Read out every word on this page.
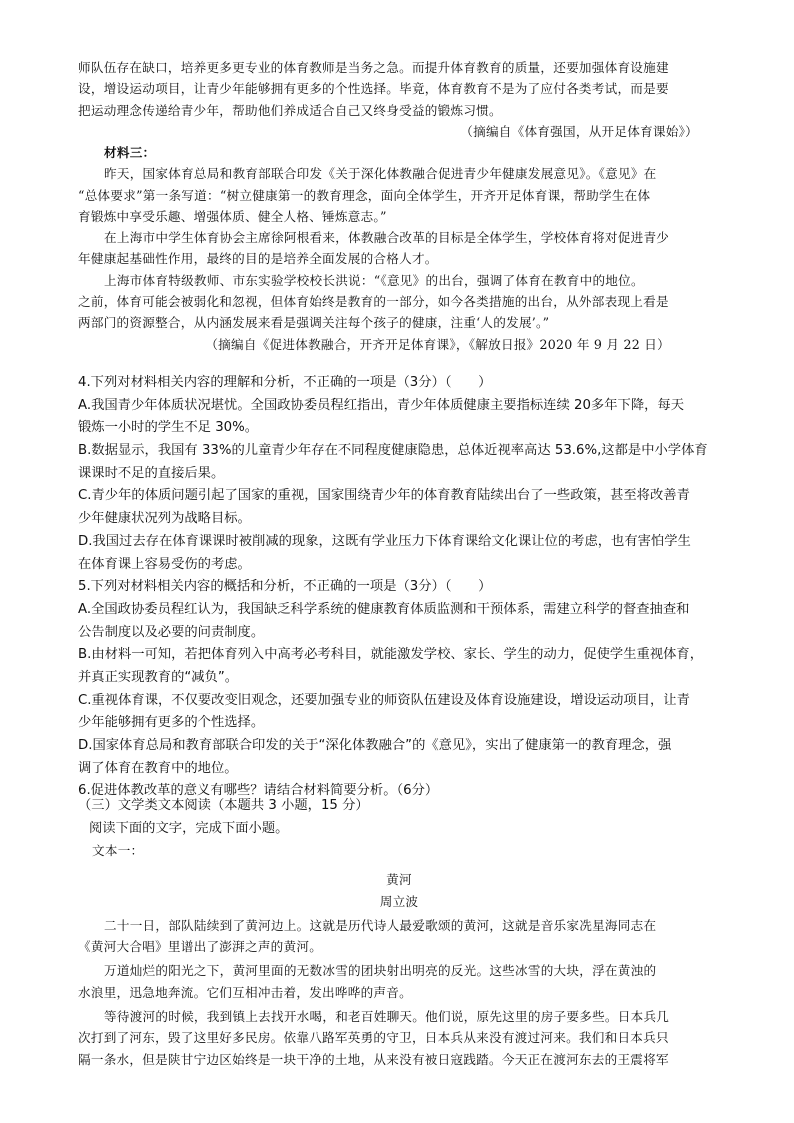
师队伍存在缺口，培养更多更专业的体育教师是当务之急。而提升体育教育的质量，还要加强体育设施建
设，增设运动项目，让青少年能够拥有更多的个性选择。毕竟，体育教育不是为了应付各类考试，而是要
把运动理念传递给青少年，帮助他们养成适合自己又终身受益的锻炼习惯。
（摘编自《体育强国，从开足体育课始》）
材料三：
昨天，国家体育总局和教育部联合印发《关于深化体教融合促进青少年健康发展意见》。《意见》在
“总体要求”第一条写道：“树立健康第一的教育理念，面向全体学生，开齐开足体育课，帮助学生在体
育锻炼中享受乐趣、增强体质、健全人格、锤炼意志。”
在上海市中学生体育协会主席徐阿根看来，体教融合改革的目标是全体学生，学校体育将对促进青少
年健康起基础性作用，最终的目的是培养全面发展的合格人才。
上海市体育特级教师、市东实验学校校长洪说：“《意见》的出台，强调了体育在教育中的地位。
之前，体育可能会被弱化和忽视，但体育始终是教育的一部分，如今各类措施的出台，从外部表现上看是
两部门的资源整合，从内涵发展来看是强调关注每个孩子的健康，注重‘人的发展’。”
（摘编自《促进体教融合，开齐开足体育课》，《解放日报》2020 年 9 月 22 日）
4.下列对材料相关内容的理解和分析，不正确的一项是（3分）（　　）
A.我国青少年体质状况堪忧。全国政协委员程红指出，青少年体质健康主要指标连续 20多年下降，每天
锻炼一小时的学生不足 30%。
B.数据显示，我国有 33%的儿童青少年存在不同程度健康隐患，总体近视率高达 53.6%,这都是中小学体育
课课时不足的直接后果。
C.青少年的体质问题引起了国家的重视，国家围绕青少年的体育教育陆续出台了一些政策，甚至将改善青
少年健康状况列为战略目标。
D.我国过去存在体育课课时被削减的现象，这既有学业压力下体育课给文化课让位的考虑，也有害怕学生
在体育课上容易受伤的考虑。
5.下列对材料相关内容的概括和分析，不正确的一项是（3分）（　　）
A.全国政协委员程红认为，我国缺乏科学系统的健康教育体质监测和干预体系，需建立科学的督查抽查和
公告制度以及必要的问责制度。
B.由材料一可知，若把体育列入中高考必考科目，就能激发学校、家长、学生的动力，促使学生重视体育，
并真正实现教育的“减负”。
C.重视体育课，不仅要改变旧观念，还要加强专业的师资队伍建设及体育设施建设，增设运动项目，让青
少年能够拥有更多的个性选择。
D.国家体育总局和教育部联合印发的关于“深化体教融合”的《意见》，实出了健康第一的教育理念，强
调了体育在教育中的地位。
6.促进体教改革的意义有哪些？请结合材料简要分析。（6分）
（三）文学类文本阅读（本题共 3 小题，15 分）
阅读下面的文字，完成下面小题。
文本一：
黄河
周立波
二十一日，部队陆续到了黄河边上。这就是历代诗人最爱歌颂的黄河，这就是音乐家冼星海同志在
《黄河大合唱》里谱出了澎湃之声的黄河。
万道灿烂的阳光之下，黄河里面的无数冰雪的团块射出明亮的反光。这些冰雪的大块，浮在黄浊的
水浪里，迅急地奔流。它们互相冲击着，发出哗哗的声音。
等待渡河的时候，我到镇上去找开水喝，和老百姓聊天。他们说，原先这里的房子要多些。日本兵几
次打到了河东，毁了这里好多民房。依靠八路军英勇的守卫，日本兵从来没有渡过河来。我们和日本兵只
隔一条水，但是陕甘宁边区始终是一块干净的土地，从来没有被日寇践踏。今天正在渡河东去的王震将军
